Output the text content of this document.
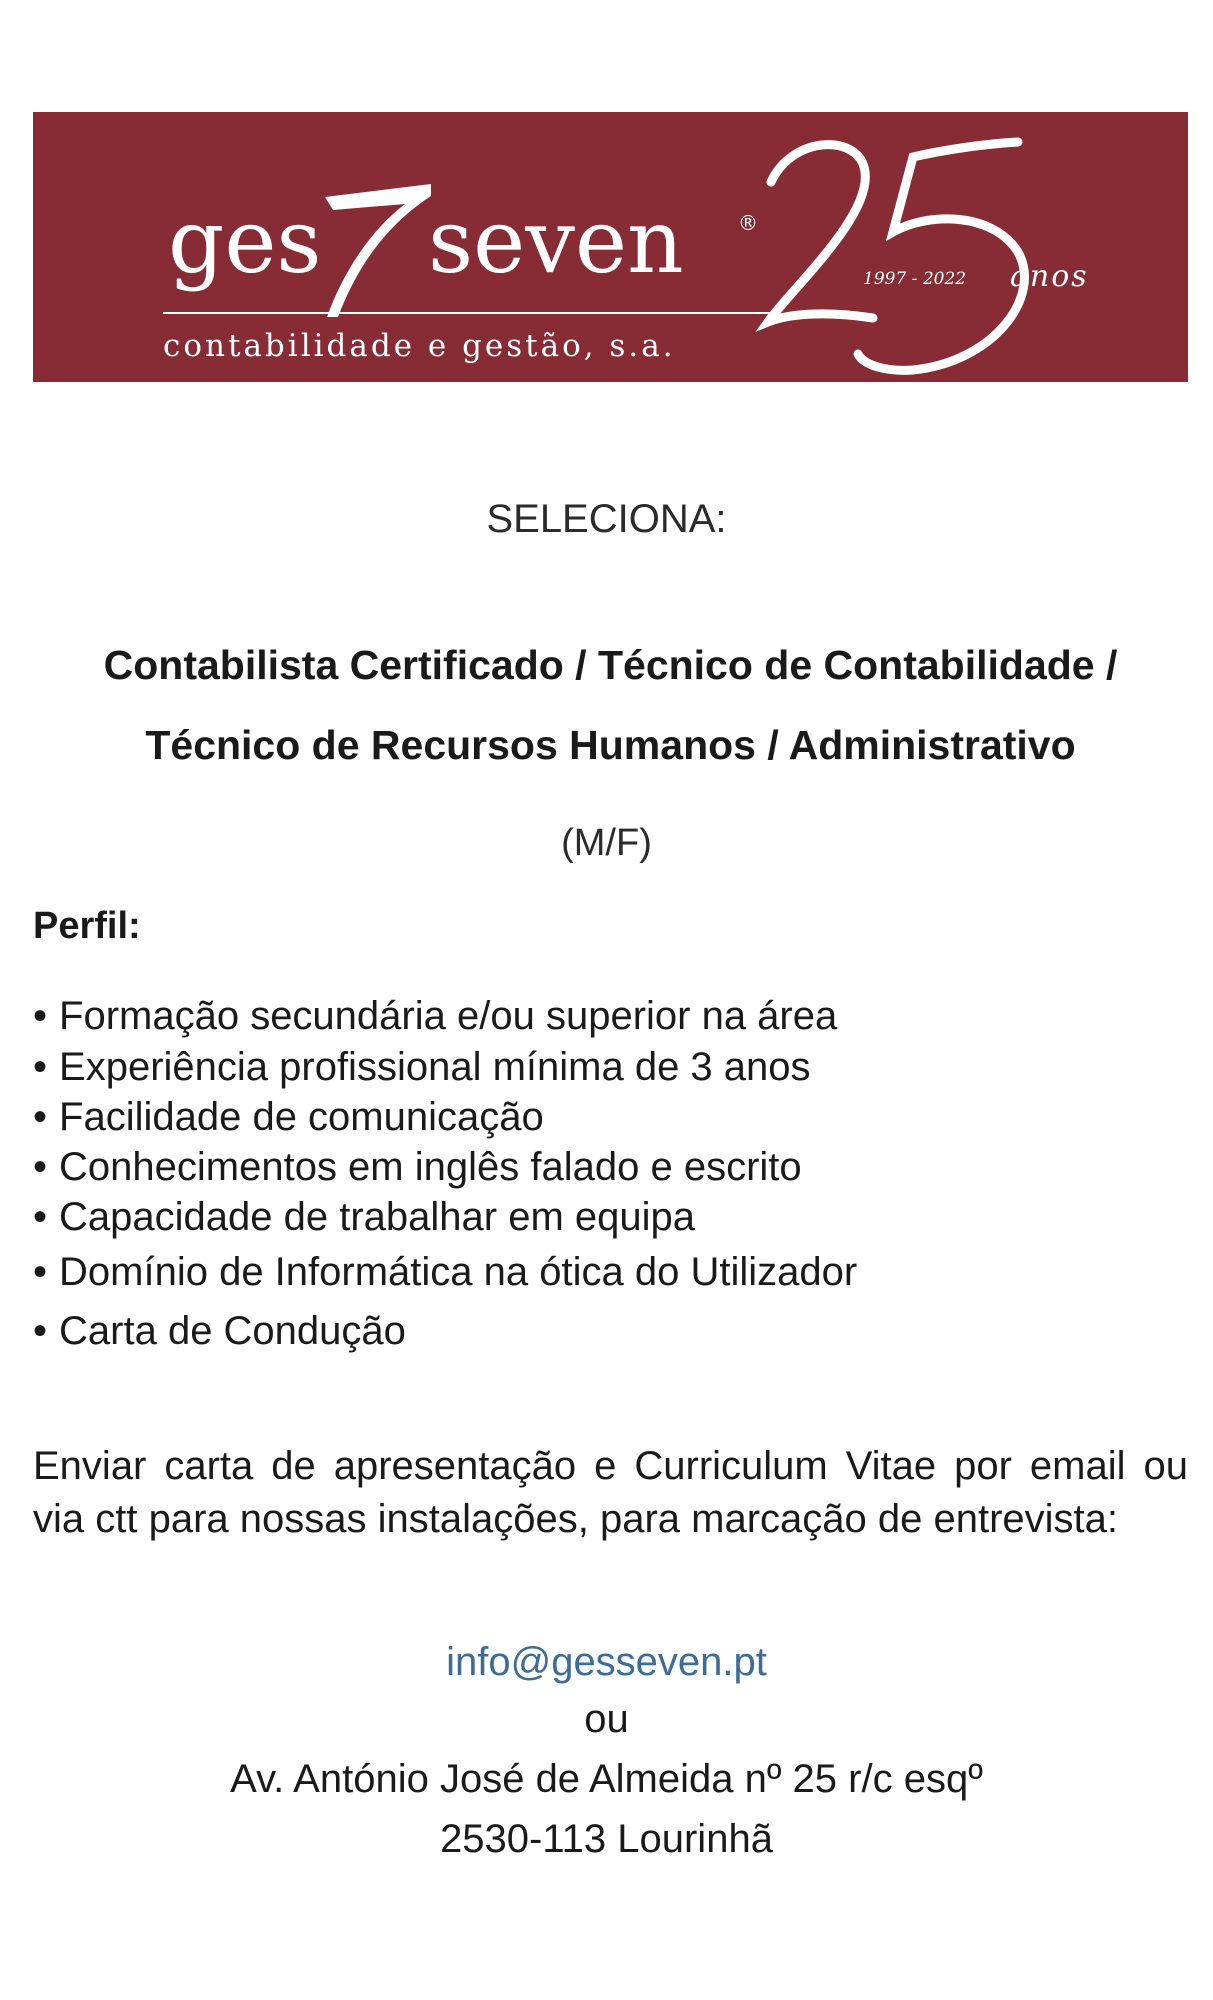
ges seven	®
contabilidade e gestão, s.a.
1997 - 2022 anos

SELECIONA:

Contabilista Certificado / Técnico de Contabilidade /
Técnico de Recursos Humanos / Administrativo

(M/F)

Perfil:

• Formação secundária e/ou superior na área
• Experiência profissional mínima de 3 anos
• Facilidade de comunicação
• Conhecimentos em inglês falado e escrito
• Capacidade de trabalhar em equipa
• Domínio de Informática na ótica do Utilizador
• Carta de Condução

Enviar carta de apresentação e Curriculum Vitae por email ou via ctt para nossas instalações, para marcação de entrevista:

info@gesseven.pt

ou

Av. António José de Almeida nº 25 r/c esqº

2530-113 Lourinhã
